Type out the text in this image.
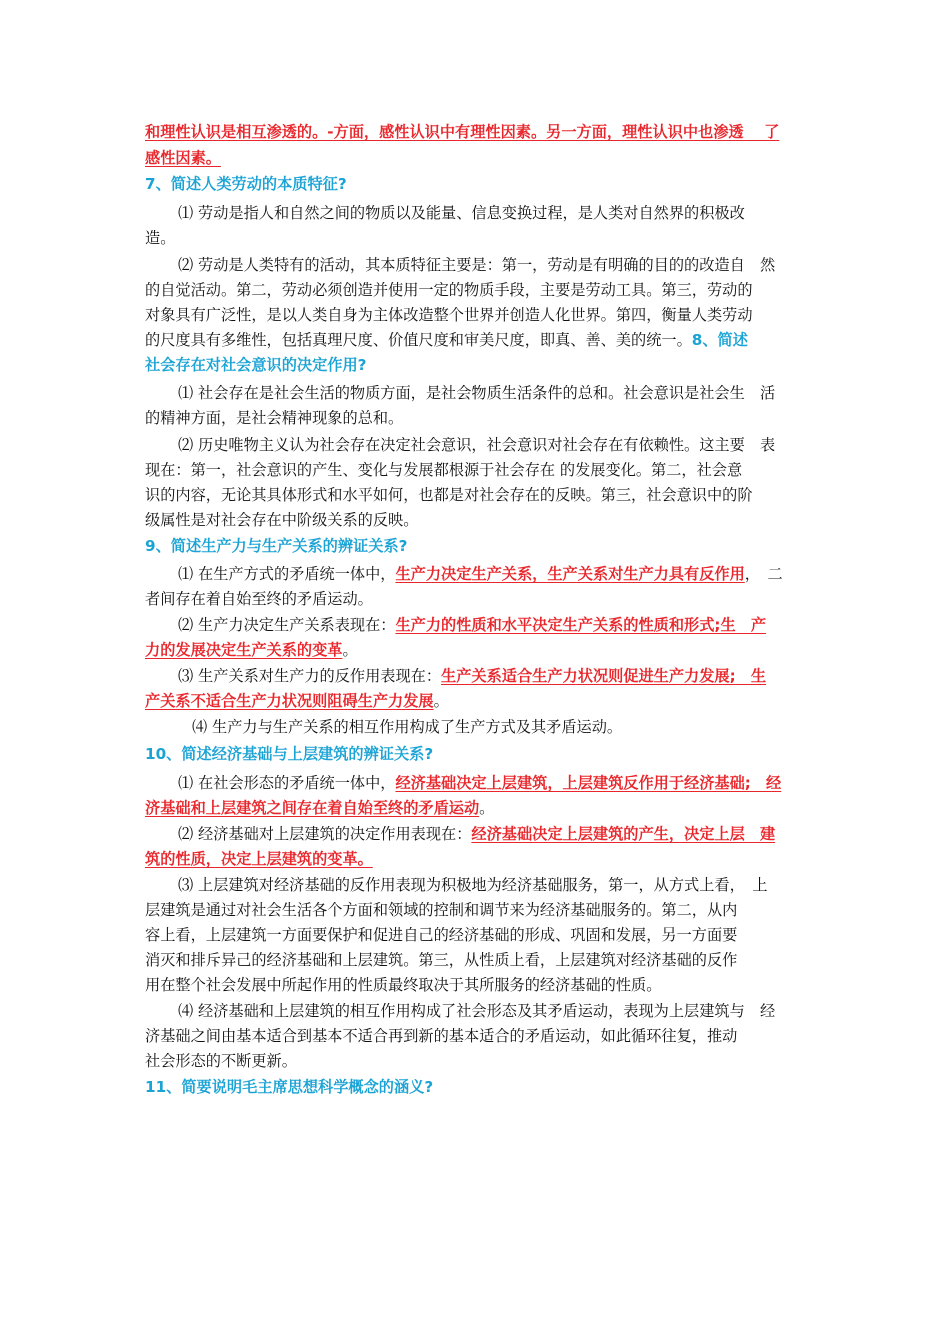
和理性认识是相互渗透的。-方面，感性认识中有理性因素。另一方面，理性认识中也渗透　 了
感性因素。
7、简述人类劳动的本质特征?
⑴ 劳动是指人和自然之间的物质以及能量、信息变换过程，是人类对自然界的积极改
造。
⑵ 劳动是人类特有的活动，其本质特征主要是：第一，劳动是有明确的目的的改造自　然
的自觉活动。第二，劳动必须创造并使用一定的物质手段，主要是劳动工具。第三，劳动的
对象具有广泛性，是以人类自身为主体改造整个世界并创造人化世界。第四，衡量人类劳动
的尺度具有多维性，包括真理尺度、价值尺度和审美尺度，即真、善、美的统一。8、简述
社会存在对社会意识的决定作用?
⑴ 社会存在是社会生活的物质方面，是社会物质生活条件的总和。社会意识是社会生　活
的精神方面，是社会精神现象的总和。
⑵ 历史唯物主义认为社会存在决定社会意识，社会意识对社会存在有依赖性。这主要　表
现在：第一，社会意识的产生、变化与发展都根源于社会存在 的发展变化。第二，社会意
识的内容，无论其具体形式和水平如何，也都是对社会存在的反映。第三，社会意识中的阶
级属性是对社会存在中阶级关系的反映。
9、简述生产力与生产关系的辨证关系?
⑴ 在生产方式的矛盾统一体中，生产力决定生产关系，生产关系对生产力具有反作用，　二
者间存在着自始至终的矛盾运动。
⑵ 生产力决定生产关系表现在：生产力的性质和水平决定生产关系的性质和形式;生　产
力的发展决定生产关系的变革。
⑶ 生产关系对生产力的反作用表现在：生产关系适合生产力状况则促进生产力发展;　生
产关系不适合生产力状况则阻碍生产力发展。
⑷ 生产力与生产关系的相互作用构成了生产方式及其矛盾运动。
10、简述经济基础与上层建筑的辨证关系?
⑴ 在社会形态的矛盾统一体中，经济基础决定上层建筑，上层建筑反作用于经济基础;　经
济基础和上层建筑之间存在着自始至终的矛盾运动。
⑵ 经济基础对上层建筑的决定作用表现在：经济基础决定上层建筑的产生，决定上层　建
筑的性质，决定上层建筑的变革。
⑶ 上层建筑对经济基础的反作用表现为积极地为经济基础服务，第一，从方式上看，　上
层建筑是通过对社会生活各个方面和领域的控制和调节来为经济基础服务的。第二，从内
容上看，上层建筑一方面要保护和促进自己的经济基础的形成、巩固和发展，另一方面要
消灭和排斥异己的经济基础和上层建筑。第三，从性质上看，上层建筑对经济基础的反作
用在整个社会发展中所起作用的性质最终取决于其所服务的经济基础的性质。
⑷ 经济基础和上层建筑的相互作用构成了社会形态及其矛盾运动，表现为上层建筑与　经
济基础之间由基本适合到基本不适合再到新的基本适合的矛盾运动，如此循环往复，推动
社会形态的不断更新。
11、简要说明毛主席思想科学概念的涵义?
